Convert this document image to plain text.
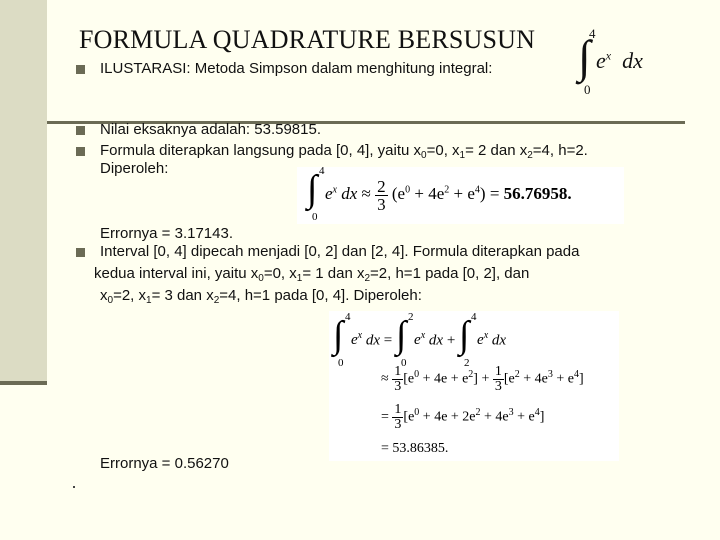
FORMULA QUADRATURE BERSUSUN ∫
4
0
$e^x$ dx
ILUSTARASI: Metoda Simpson dalam menghitung integral:
Nilai eksaknya adalah: 53.59815.
Formula diterapkan langsung pada [0, 4], yaitu $x_0=0$, $x_1= 2$ dan $x_2=4$, h=2.
Diperoleh:	∫ 4
0
$e^x$ dx ≈ $\frac{2}{3} (e^0 + 4e^2 + e^4) = 56.76958$.
Errornya = 3.17143.
Interval [0, 4] dipecah menjadi [0, 2] dan [2, 4]. Formula diterapkan pada
kedua interval ini, yaitu $x_0=0$, $x_1= 1$ dan $x_2=2$, h=1 pada [0, 2], dan
$x_0=2$, $x_1= 3$ dan $x_2=4$, h=1 pada [0, 4]. Diperoleh:
∫ 4
0
$e^x$ dx = ∫ 2
0
$e^x$ dx + ∫ 4
2
$e^x$ dx
≈ $\frac{1}{3} [e^0 + 4e + e^2] + \frac{1}{3} [e^2 + 4e^3 + e^4]$
= $\frac{1}{3} [e^0 + 4e + 2e^2 + 4e^3 + e^4]$
= 53.86385.
Errornya = 0.56270
